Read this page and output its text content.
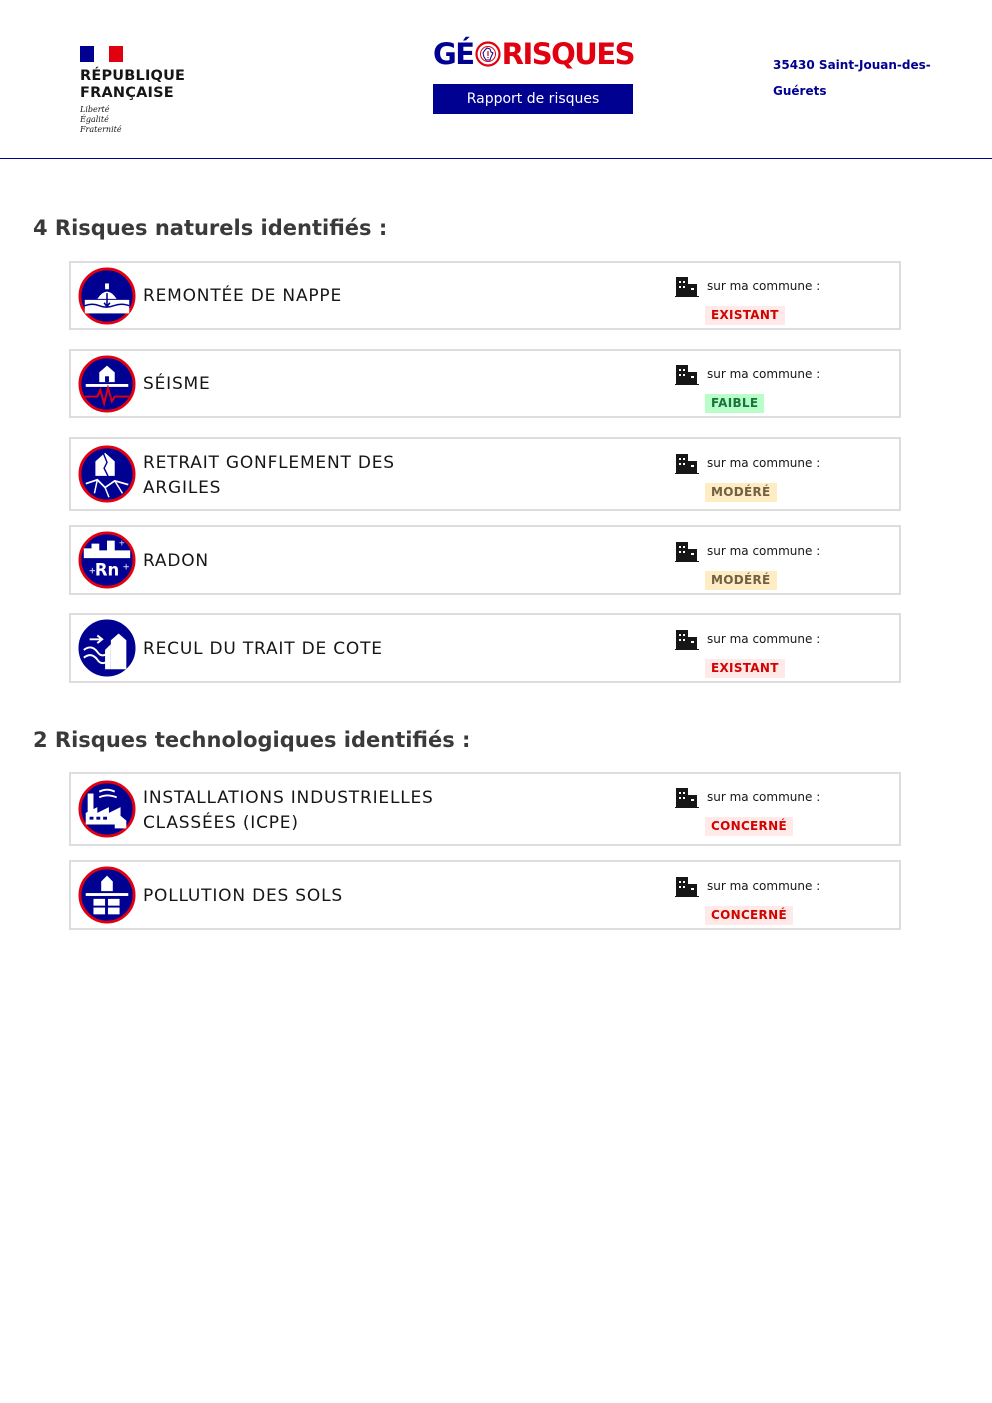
RÉPUBLIQUE
FRANÇAISE
Liberté
Égalité
Fraternité
GÉ RISQUES
Rapport de risques
35430 Saint-Jouan-des-
Guérets
4 Risques naturels identifiés :
REMONTÉE DE NAPPE	sur ma commune :
EXISTANT
SÉISME	sur ma commune :
FAIBLE
RETRAIT GONFLEMENT DES
ARGILES
sur ma commune :
MODÉRÉ
Rn
+	+
+
RADON	sur ma commune :
MODÉRÉ
RECUL DU TRAIT DE COTE	sur ma commune :
EXISTANT
2 Risques technologiques identifiés :
INSTALLATIONS INDUSTRIELLES
CLASSÉES (ICPE)
sur ma commune :
CONCERNÉ
POLLUTION DES SOLS	sur ma commune :
CONCERNÉ
